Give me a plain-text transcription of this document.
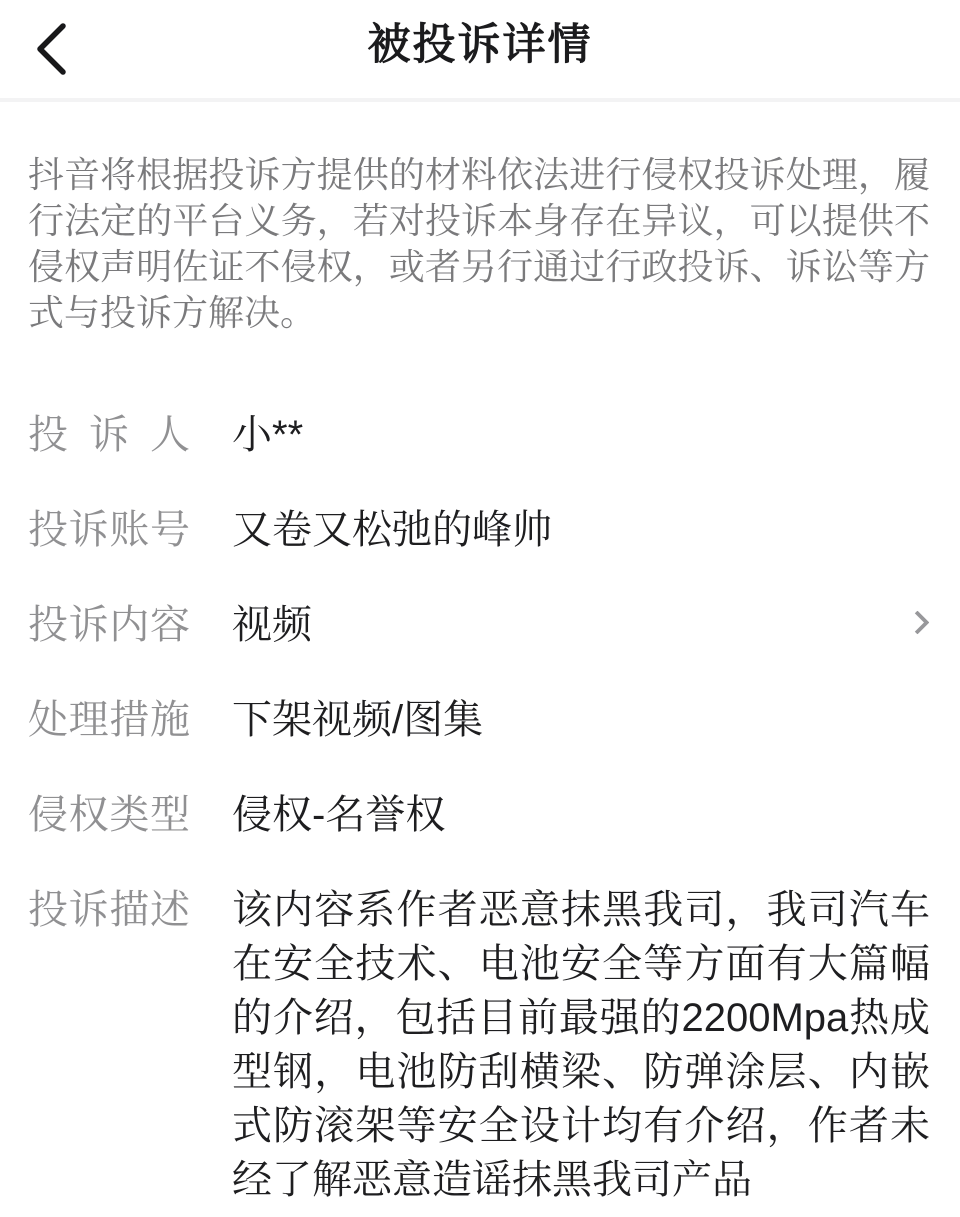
被投诉详情

抖音将根据投诉方提供的材料依法进行侵权投诉处理，履行法定的平台义务，若对投诉本身存在异议，可以提供不侵权声明佐证不侵权，或者另行通过行政投诉、诉讼等方式与投诉方解决。

投诉人 小**
投诉账号 又卷又松弛的峰帅
投诉内容 视频
处理措施 下架视频/图集
侵权类型 侵权-名誉权
投诉描述 该内容系作者恶意抹黑我司，我司汽车在安全技术、电池安全等方面有大篇幅的介绍，包括目前最强的2200Mpa热成型钢，电池防刮横梁、防弹涂层、内嵌式防滚架等安全设计均有介绍，作者未经了解恶意造谣抹黑我司产品
